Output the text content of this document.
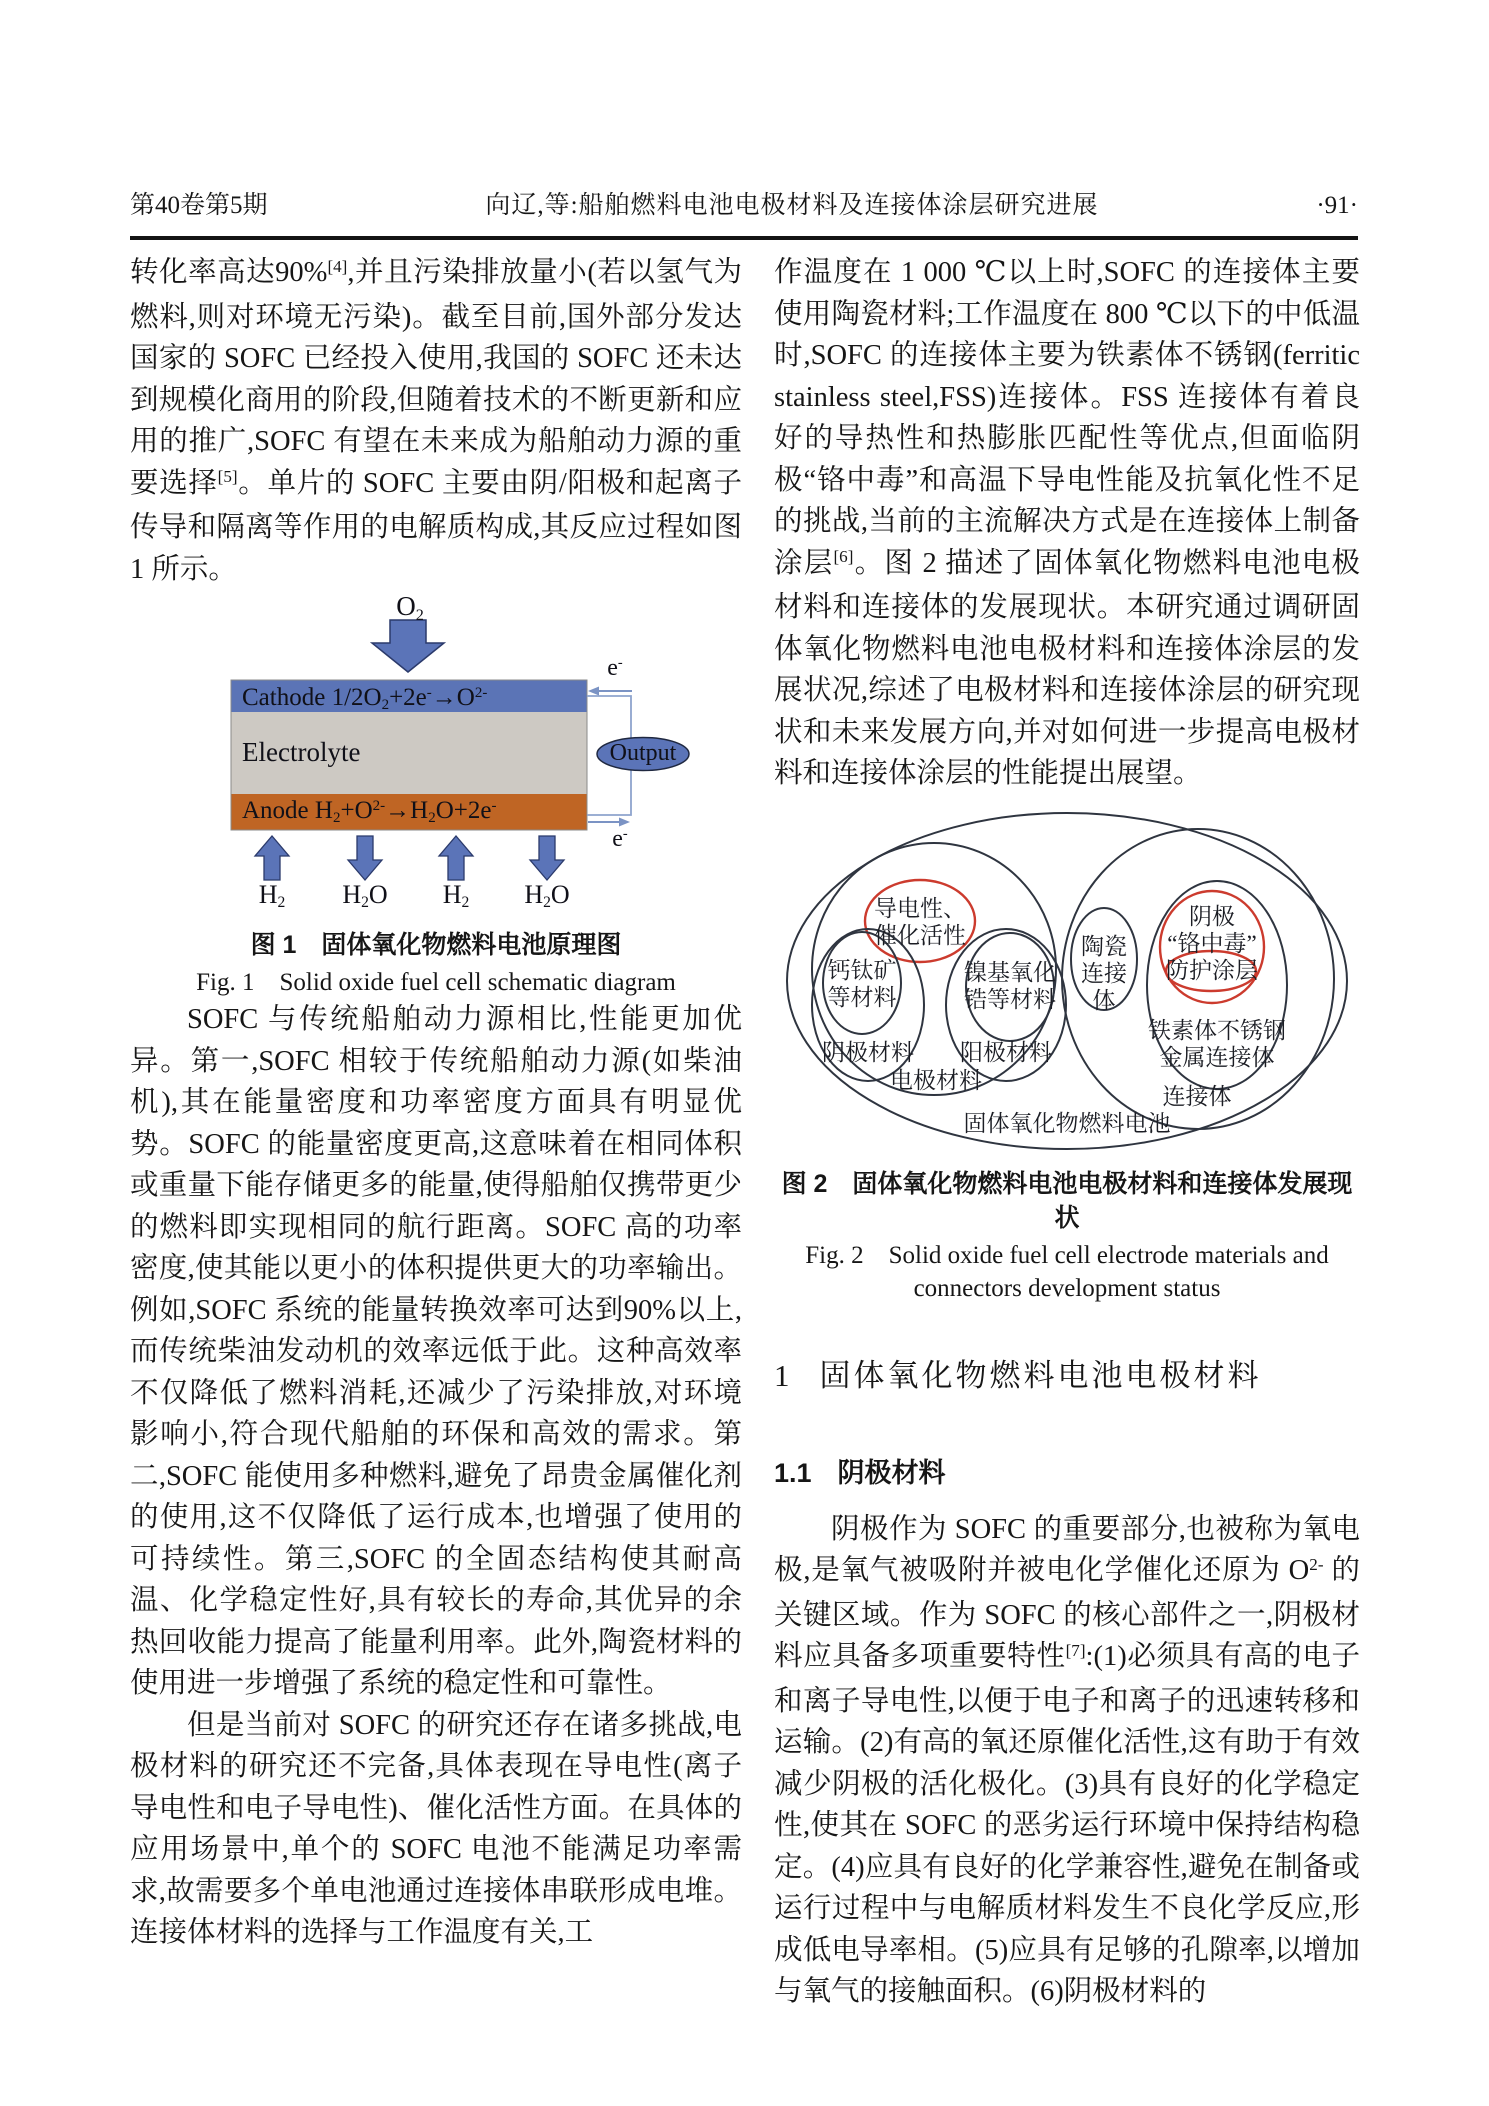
第40卷第5期	向辽,等:船舶燃料电池电极材料及连接体涂层研究进展	·91·

转化率高达90%[4],并且污染排放量小(若以氢气为燃料,则对环境无污染)。截至目前,国外部分发达国家的 SOFC 已经投入使用,我国的 SOFC 还未达到规模化商用的阶段,但随着技术的不断更新和应用的推广,SOFC 有望在未来成为船舶动力源的重要选择[5]。单片的 SOFC 主要由阴/阳极和起离子传导和隔离等作用的电解质构成,其反应过程如图 1 所示。

$O_2$
Cathode $1/2O_2+2e^-\to O^{2-}$
Electrolyte
Anode $H_2+O^{2-}\to H_2O+2e^-$
e-
e-
Output
$H_2$	$H_2O$	$H_2$	$H_2O$
图 1　固体氧化物燃料电池原理图
Fig. 1　Solid oxide fuel cell schematic diagram

SOFC 与传统船舶动力源相比,性能更加优异。第一,SOFC 相较于传统船舶动力源(如柴油机),其在能量密度和功率密度方面具有明显优势。SOFC 的能量密度更高,这意味着在相同体积或重量下能存储更多的能量,使得船舶仅携带更少的燃料即实现相同的航行距离。SOFC 高的功率密度,使其能以更小的体积提供更大的功率输出。例如,SOFC 系统的能量转换效率可达到90%以上,而传统柴油发动机的效率远低于此。这种高效率不仅降低了燃料消耗,还减少了污染排放,对环境影响小,符合现代船舶的环保和高效的需求。第二,SOFC 能使用多种燃料,避免了昂贵金属催化剂的使用,这不仅降低了运行成本,也增强了使用的可持续性。第三,SOFC 的全固态结构使其耐高温、化学稳定性好,具有较长的寿命,其优异的余热回收能力提高了能量利用率。此外,陶瓷材料的使用进一步增强了系统的稳定性和可靠性。

但是当前对 SOFC 的研究还存在诸多挑战,电极材料的研究还不完备,具体表现在导电性(离子导电性和电子导电性)、催化活性方面。在具体的应用场景中,单个的 SOFC 电池不能满足功率需求,故需要多个单电池通过连接体串联形成电堆。连接体材料的选择与工作温度有关,工

作温度在 1 000 ℃以上时,SOFC 的连接体主要使用陶瓷材料;工作温度在 800 ℃以下的中低温时,SOFC 的连接体主要为铁素体不锈钢(ferritic stainless steel,FSS)连接体。FSS 连接体有着良好的导热性和热膨胀匹配性等优点,但面临阴极“铬中毒”和高温下导电性能及抗氧化性不足的挑战,当前的主流解决方式是在连接体上制备涂层[6]。图 2 描述了固体氧化物燃料电池电极材料和连接体的发展现状。本研究通过调研固体氧化物燃料电池电极材料和连接体涂层的发展状况,综述了电极材料和连接体涂层的研究现状和未来发展方向,并对如何进一步提高电极材料和连接体涂层的性能提出展望。

导电性、
催化活性
钙钛矿
等材料
阴极材料
镍基氧化
锆等材料
阳极材料
电极材料
陶瓷
连接体
阴极
“铬中毒”
防护涂层
铁素体不锈钢
金属连接体
连接体
固体氧化物燃料电池
图 2　固体氧化物燃料电池电极材料和连接体发展现状
Fig. 2　Solid oxide fuel cell electrode materials and
connectors development status
1 固体氧化物燃料电池电极材料
1.1 阴极材料

阴极作为 SOFC 的重要部分,也被称为氧电极,是氧气被吸附并被电化学催化还原为 $O^{2-}$ 的关键区域。作为 SOFC 的核心部件之一,阴极材料应具备多项重要特性[7]:(1)必须具有高的电子和离子导电性,以便于电子和离子的迅速转移和运输。(2)有高的氧还原催化活性,这有助于有效减少阴极的活化极化。(3)具有良好的化学稳定性,使其在 SOFC 的恶劣运行环境中保持结构稳定。(4)应具有良好的化学兼容性,避免在制备或运行过程中与电解质材料发生不良化学反应,形成低电导率相。(5)应具有足够的孔隙率,以增加与氧气的接触面积。(6)阴极材料的
